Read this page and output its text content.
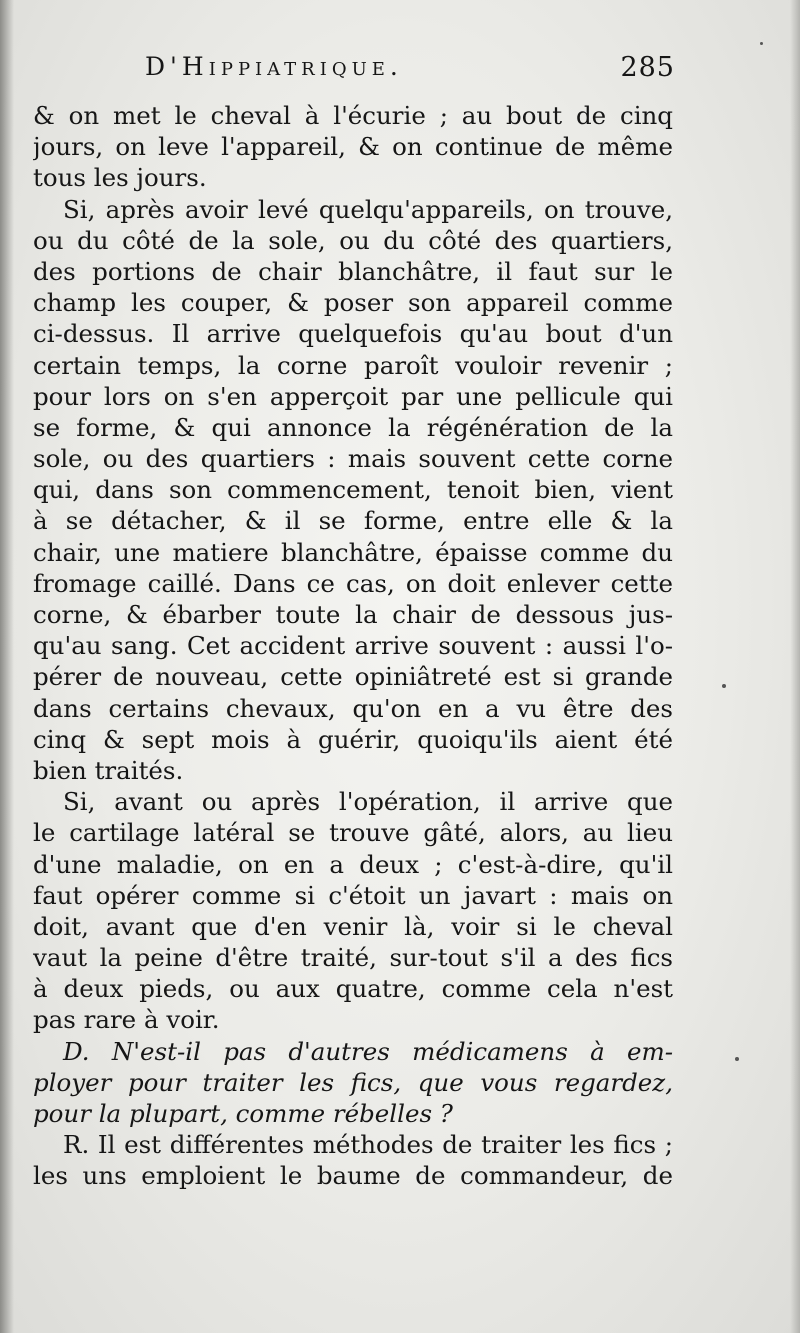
D'Hippiatrique.	285
& on met le cheval à l'écurie ; au bout de cinq
jours, on leve l'appareil, & on continue de même
tous les jours.
Si, après avoir levé quelqu'appareils, on trouve,
ou du côté de la sole, ou du côté des quartiers,
des portions de chair blanchâtre, il faut sur le
champ les couper, & poser son appareil comme
ci-dessus. Il arrive quelquefois qu'au bout d'un
certain temps, la corne paroît vouloir revenir ;
pour lors on s'en apperçoit par une pellicule qui
se forme, & qui annonce la régénération de la
sole, ou des quartiers : mais souvent cette corne
qui, dans son commencement, tenoit bien, vient
à se détacher, & il se forme, entre elle & la
chair, une matiere blanchâtre, épaisse comme du
fromage caillé. Dans ce cas, on doit enlever cette
corne, & ébarber toute la chair de dessous jus-
qu'au sang. Cet accident arrive souvent : aussi l'o-
pérer de nouveau, cette opiniâtreté est si grande
dans certains chevaux, qu'on en a vu être des
cinq & sept mois à guérir, quoiqu'ils aient été
bien traités.
Si, avant ou après l'opération, il arrive que
le cartilage latéral se trouve gâté, alors, au lieu
d'une maladie, on en a deux ; c'est-à-dire, qu'il
faut opérer comme si c'étoit un javart : mais on
doit, avant que d'en venir là, voir si le cheval
vaut la peine d'être traité, sur-tout s'il a des fics
à deux pieds, ou aux quatre, comme cela n'est
pas rare à voir.
D. N'est-il pas d'autres médicamens à em-
ployer pour traiter les fics, que vous regardez,
pour la plupart, comme rébelles ?
R. Il est différentes méthodes de traiter les fics ;
les uns emploient le baume de commandeur, de
